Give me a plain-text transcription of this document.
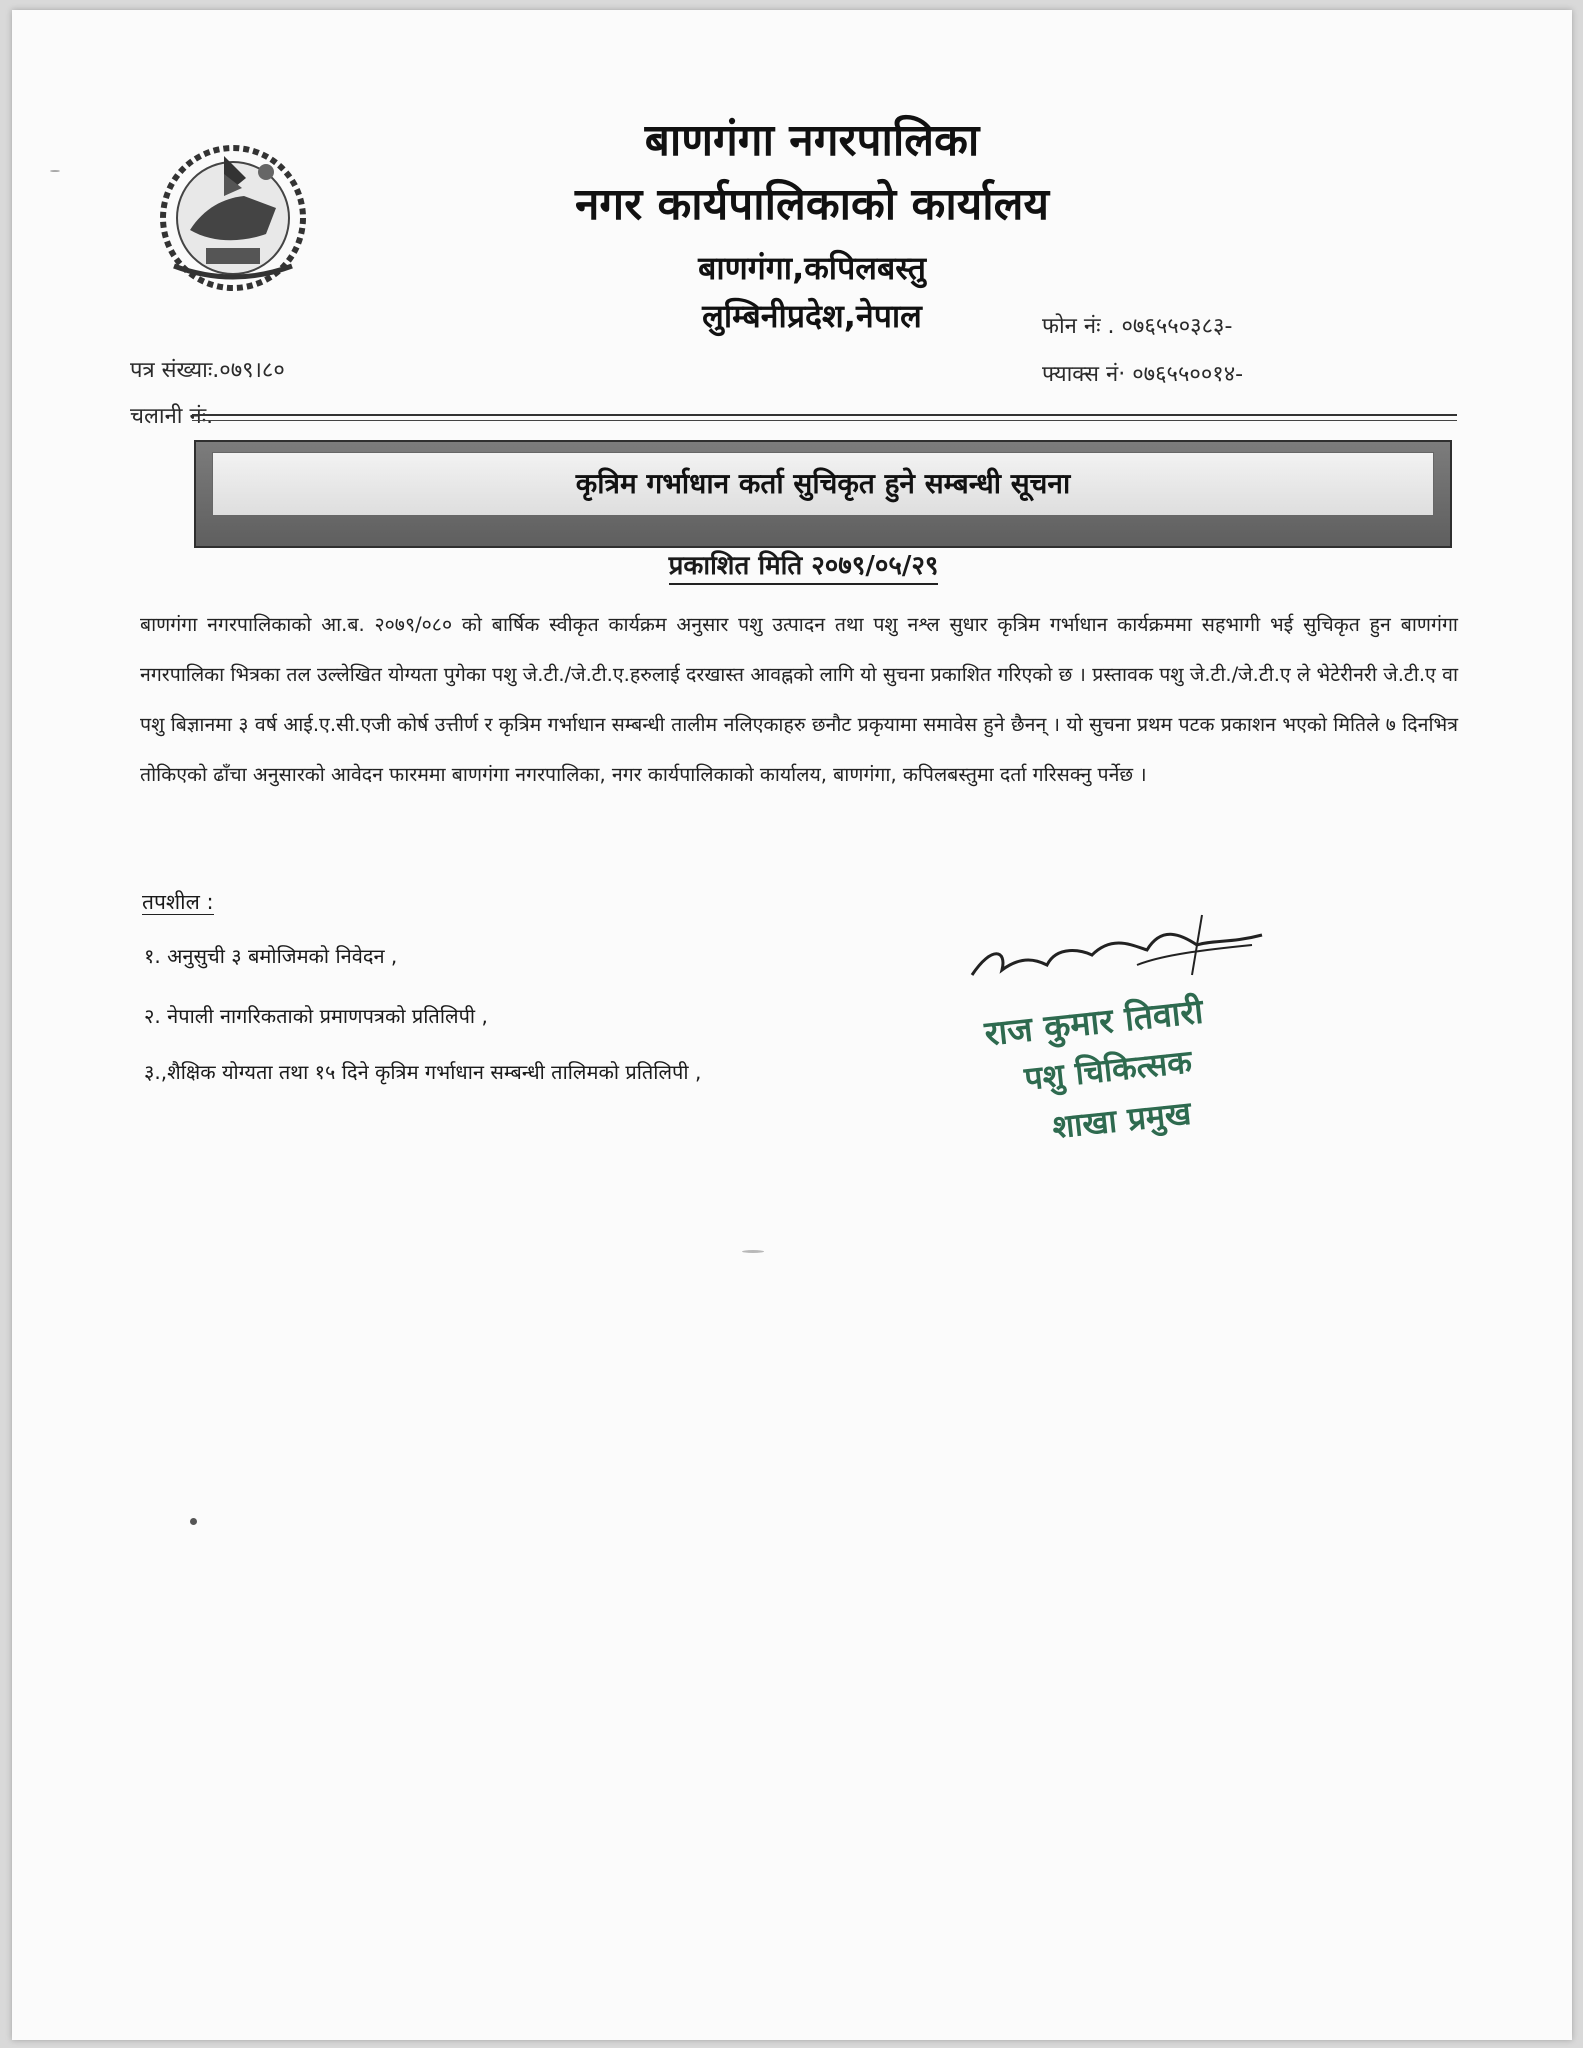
बाणगंगा नगरपालिका
नगर कार्यपालिकाको कार्यालय
बाणगंगा,कपिलबस्तु
लुम्बिनीप्रदेश,नेपाल	फोन नंः . ०७६५५०३८३-
फ्याक्स नं· ०७६५५००१४-
पत्र संख्याः.०७९।८०
चलानी नंः.
कृत्रिम गर्भाधान कर्ता सुचिकृत हुने सम्बन्धी सूचना
प्रकाशित मिति २०७९/०५/२९
बाणगंगा नगरपालिकाको आ.ब. २०७९/०८० को बार्षिक स्वीकृत कार्यक्रम अनुसार पशु उत्पादन तथा पशु नश्ल सुधार कृत्रिम गर्भाधान कार्यक्रममा सहभागी भई सुचिकृत हुन बाणगंगा नगरपालिका भित्रका तल उल्लेखित योग्यता पुगेका पशु जे.टी./जे.टी.ए.हरुलाई दरखास्त आवह्नको लागि यो सुचना प्रकाशित गरिएको छ । प्रस्तावक पशु जे.टी./जे.टी.ए ले भेटेरीनरी जे.टी.ए वा पशु बिज्ञानमा ३ वर्ष आई.ए.सी.एजी कोर्ष उत्तीर्ण र कृत्रिम गर्भाधान सम्बन्धी तालीम नलिएकाहरु छनौट प्रकृयामा समावेस हुने छैनन् । यो सुचना प्रथम पटक प्रकाशन भएको मितिले ७ दिनभित्र तोकिएको ढाँचा अनुसारको आवेदन फारममा बाणगंगा नगरपालिका, नगर कार्यपालिकाको कार्यालय, बाणगंगा, कपिलबस्तुमा दर्ता गरिसक्नु पर्नेछ ।
तपशील :
१. अनुसुची ३ बमोजिमको निवेदन ,
२. नेपाली नागरिकताको प्रमाणपत्रको प्रतिलिपी ,
३.,शैक्षिक योग्यता तथा १५ दिने कृत्रिम गर्भाधान सम्बन्धी तालिमको प्रतिलिपी ,
राज कुमार तिवारी
पशु चिकित्सक
शाखा प्रमुख
